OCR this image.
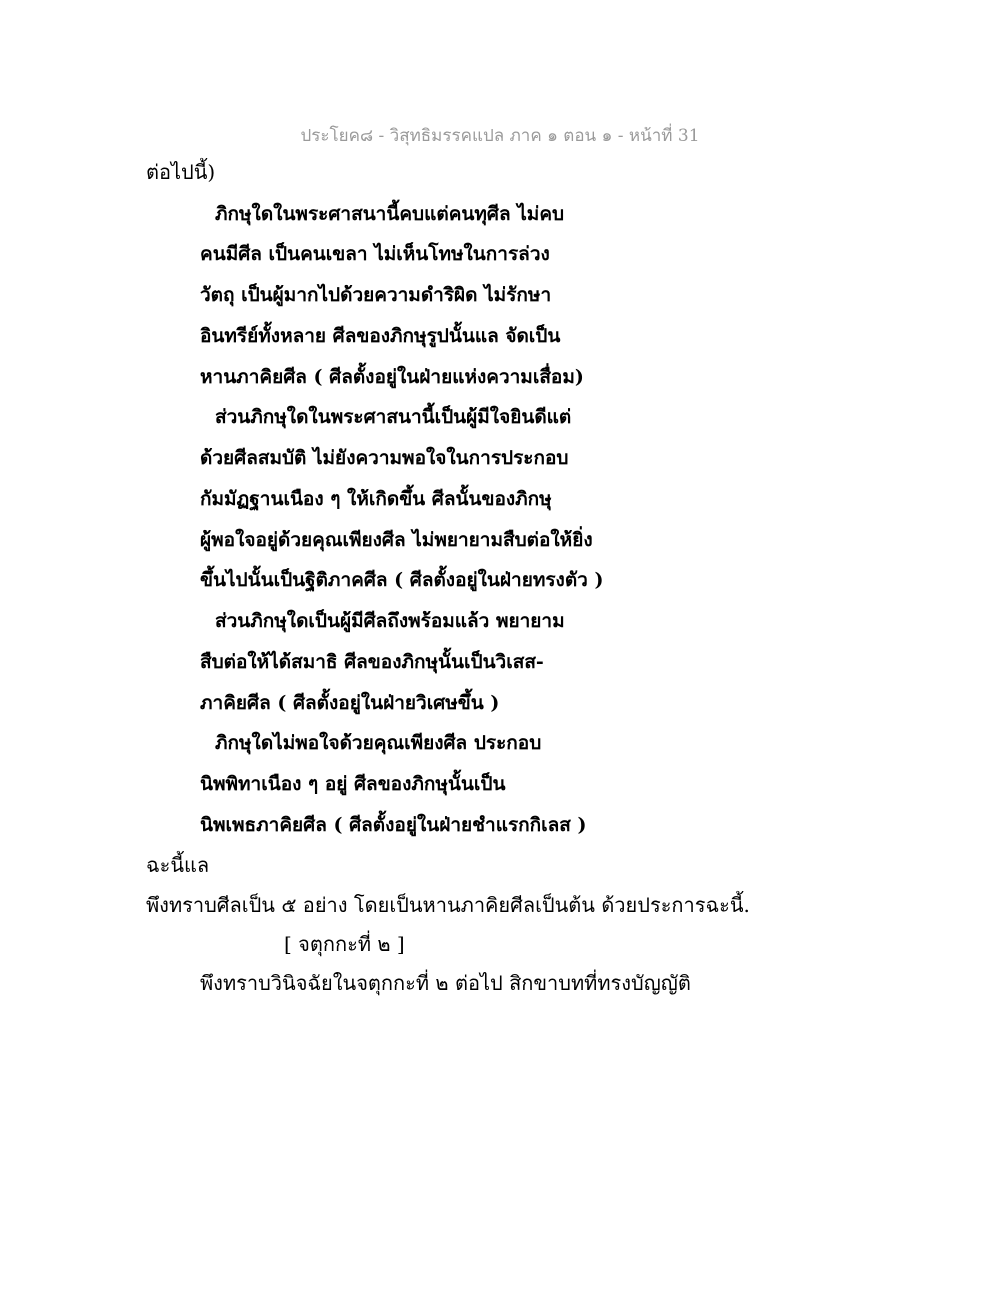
ประโยค๘ - วิสุทธิมรรคแปล ภาค ๑ ตอน ๑ - หน้าที่ 31
ต่อไปนี้)
ภิกษุใดในพระศาสนานี้คบแต่คนทุศีล ไม่คบ
คนมีศีล เป็นคนเขลา ไม่เห็นโทษในการล่วง
วัตถุ เป็นผู้มากไปด้วยความดำริผิด ไม่รักษา
อินทรีย์ทั้งหลาย ศีลของภิกษุรูปนั้นแล จัดเป็น
หานภาคิยศีล ( ศีลตั้งอยู่ในฝ่ายแห่งความเสื่อม)
ส่วนภิกษุใดในพระศาสนานี้เป็นผู้มีใจยินดีแต่
ด้วยศีลสมบัติ ไม่ยังความพอใจในการประกอบ
กัมมัฏฐานเนือง ๆ ให้เกิดขึ้น ศีลนั้นของภิกษุ
ผู้พอใจอยู่ด้วยคุณเพียงศีล ไม่พยายามสืบต่อให้ยิ่ง
ขึ้นไปนั้นเป็นฐิติภาคศีล ( ศีลตั้งอยู่ในฝ่ายทรงตัว )
ส่วนภิกษุใดเป็นผู้มีศีลถึงพร้อมแล้ว พยายาม
สืบต่อให้ได้สมาธิ ศีลของภิกษุนั้นเป็นวิเสส-
ภาคิยศีล ( ศีลตั้งอยู่ในฝ่ายวิเศษขึ้น )
ภิกษุใดไม่พอใจด้วยคุณเพียงศีล ประกอบ
นิพพิทาเนือง ๆ อยู่ ศีลของภิกษุนั้นเป็น
นิพเพธภาคิยศีล ( ศีลตั้งอยู่ในฝ่ายชำแรกกิเลส )
ฉะนี้แล
พึงทราบศีลเป็น ๕ อย่าง โดยเป็นหานภาคิยศีลเป็นต้น ด้วยประการฉะนี้.
[ จตุกกะที่ ๒ ]
พึงทราบวินิจฉัยในจตุกกะที่ ๒ ต่อไป สิกขาบทที่ทรงบัญญัติ
